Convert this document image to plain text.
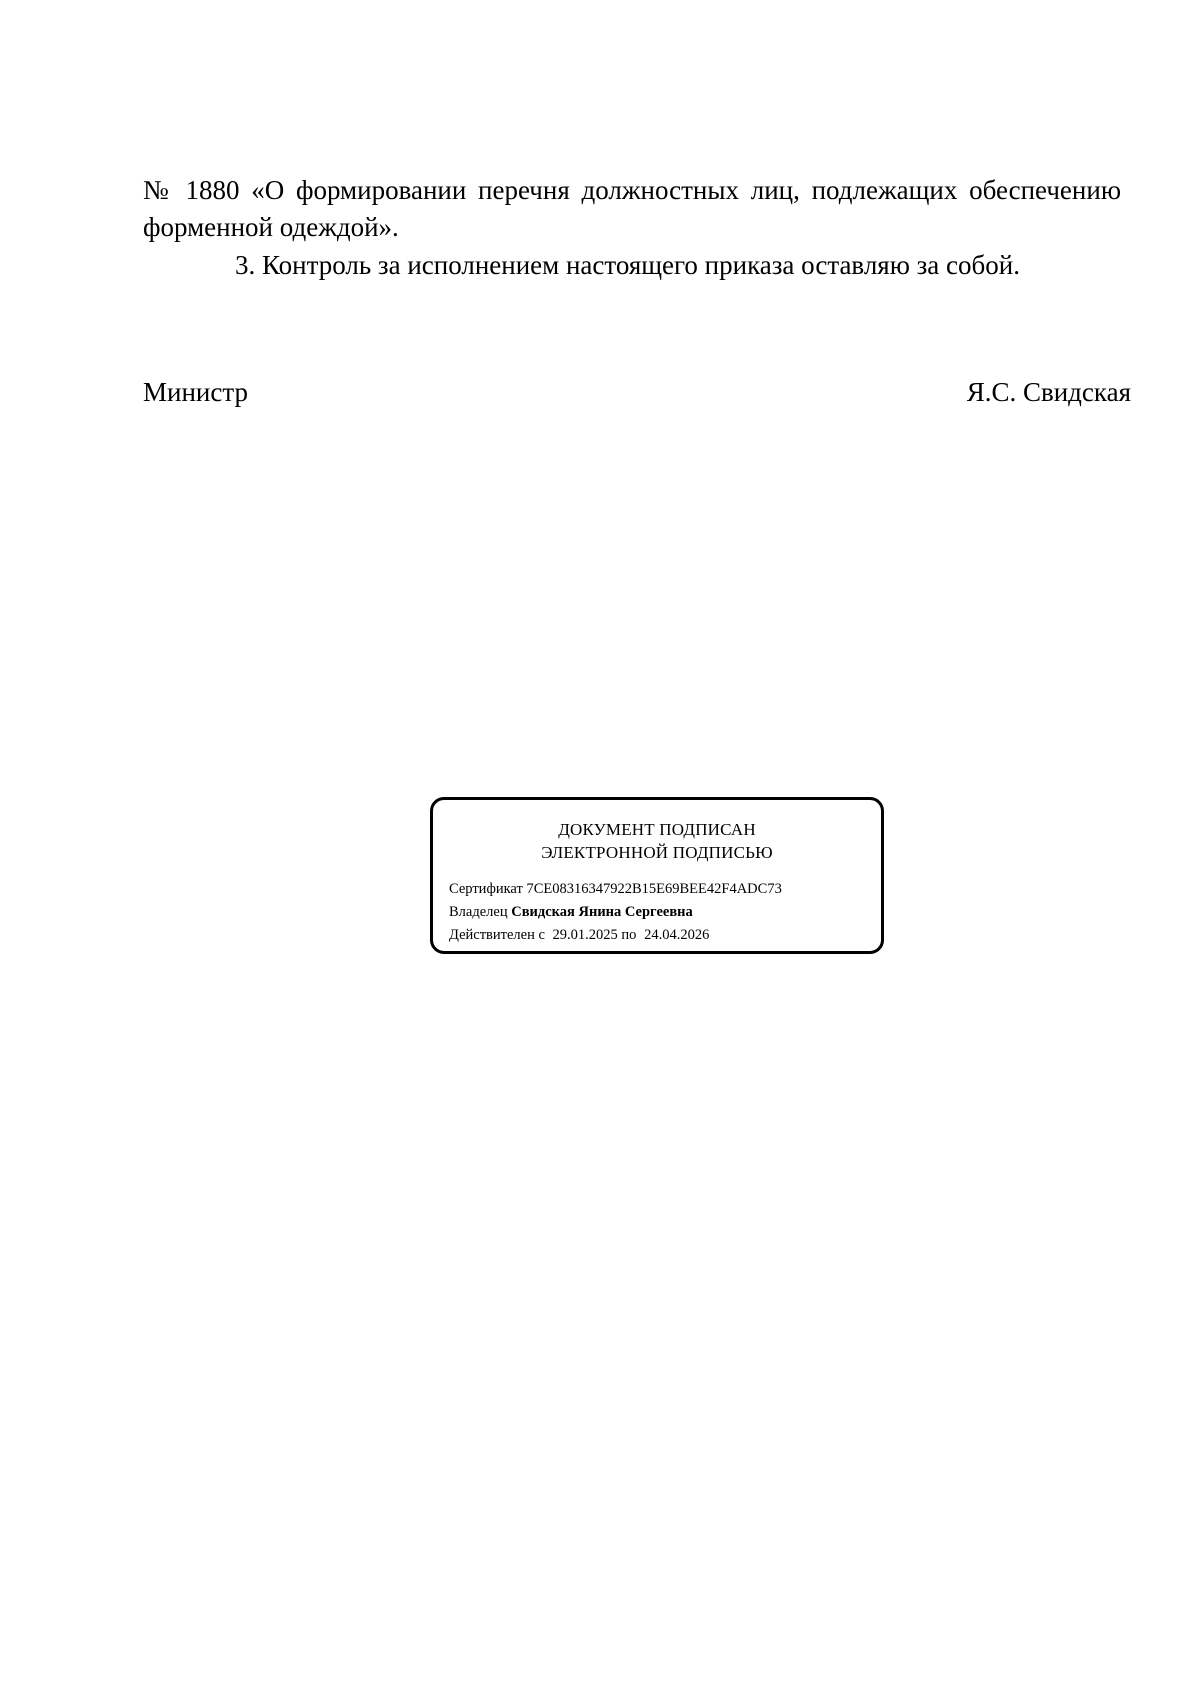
№ 1880 «О формировании перечня должностных лиц, подлежащих обеспечению форменной одеждой».

3. Контроль за исполнением настоящего приказа оставляю за собой.

Министр	Я.С. Свидская
ДОКУМЕНТ ПОДПИСАН
ЭЛЕКТРОННОЙ ПОДПИСЬЮ
Сертификат 7CE08316347922B15E69BEE42F4ADC73
Владелец Свидская Янина Сергеевна
Действителен с 29.01.2025 по 24.04.2026
